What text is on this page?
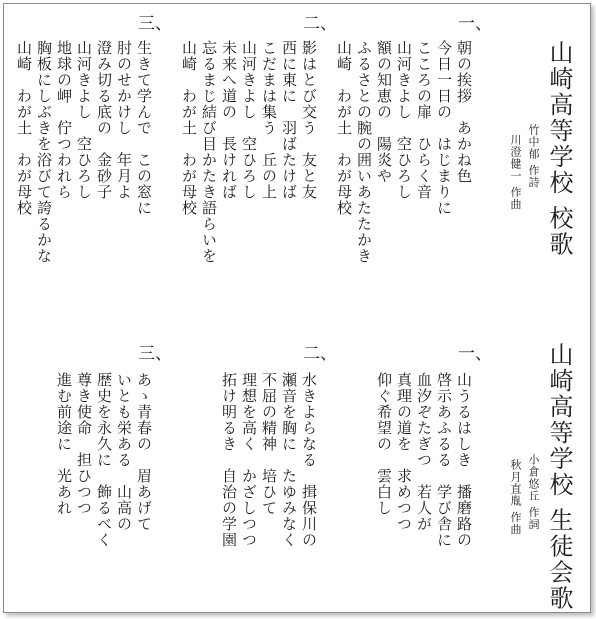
山崎高等学校 校歌
竹中郁 作詩
川澄健一 作曲
一、
朝の挨拶　あかね色
今日一日の　はじまりに
こころの扉　ひらく音
山河きよし　空ひろし
額の知恵の　陽炎や
ふるさとの腕の囲いあたたかき
山崎　わが土　わが母校
二、
影はとび交う　友と友
西に東に　羽ばたけば
こだまは集う　丘の上
山河きよし　空ひろし
未来へ道の　長ければ
忘るまじ結び目かたき語らいを
山崎　わが土　わが母校
三、
生きて学んで　この窓に
肘のせかけし　年月よ
澄み切る底の　金砂子
山河きよし　空ひろし
地球の岬　佇つわれら
胸板にしぶきを浴びて誇るかな
山崎　わが土　わが母校
山崎高等学校 生徒会歌
小倉悠丘 作詞
秋月直胤 作曲
一、
山うるはしき　播磨路の
啓示あふるる　学び舎に
血汐ぞたぎつ　若人が
真理の道を　求めつつ
仰ぐ希望の　雲白し
二、
水きよらなる　揖保川の
瀬音を胸に　たゆみなく
不屈の精神　培ひて
理想を高く　かざしつつ
拓け明るき　自治の学園
三、
あゝ青春の　眉あげて
いとも栄ある　山高の
歴史を永久に　飾るべく
尊き使命　担ひつつ
進む前途に　光あれ
